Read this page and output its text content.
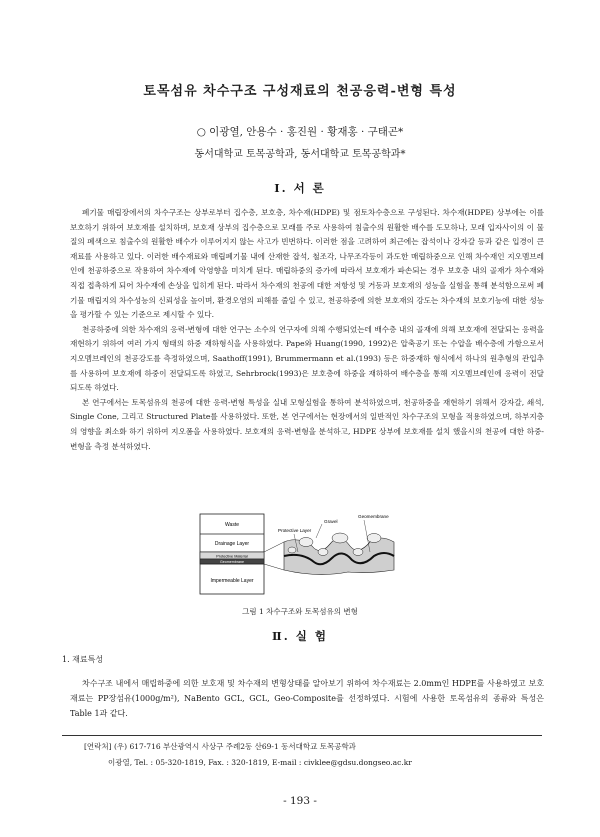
토목섬유 차수구조 구성재료의 천공응력-변형 특성
○ 이광열, 안용수 · 홍진원 · 황재홍 · 구태곤*
동서대학교 토목공학과, 동서대학교 토목공학과*
Ⅰ. 서 론

폐기물 매립장에서의 차수구조는 상부로부터 집수층, 보호층, 차수재(HDPE) 및 점토차수층으로 구성된다. 차수재(HDPE) 상부에는 이를 보호하기 위하여 보호재를 설치하며, 보호재 상부의 집수층으로 모래를 주로 사용하여 침출수의 원활한 배수를 도모하나, 모래 입자사이의 이 물질의 폐색으로 침출수의 원활한 배수가 이루어지지 않는 사고가 빈번하다. 이러한 점을 고려하여 최근에는 잡석이나 강자갈 등과 같은 입경이 큰 재료를 사용하고 있다. 이러한 배수재료와 매립폐기물 내에 산재한 잡석, 철조각, 나무조각등이 과도한 매립하중으로 인해 차수재인 지오멤브레인에 천공하중으로 작용하여 차수재에 악영향을 미치게 된다. 매립하중의 증가에 따라서 보호재가 파손되는 경우 보호층 내의 골재가 차수재와 직접 접촉하게 되어 차수재에 손상을 입히게 된다. 따라서 차수재의 천공에 대한 저항성 및 거동과 보호재의 성능을 실험을 통해 분석함으로써 폐기물 매립지의 차수성능의 신뢰성을 높이며, 환경오염의 피해를 줄일 수 있고, 천공하중에 의한 보호재의 강도는 차수재의 보호기능에 대한 성능을 평가할 수 있는 기준으로 제시할 수 있다.

천공하중에 의한 차수재의 응력-변형에 대한 연구는 소수의 연구자에 의해 수행되었는데 배수층 내의 골재에 의해 보호재에 전달되는 응력을 재현하기 위하여 여러 가지 형태의 하중 재하형식을 사용하였다. Pape와 Huang(1990, 1992)은 압축공기 또는 수압을 배수층에 가함으로서 지오멤브레인의 천공강도를 측정하였으며, Saathoff(1991), Brummermann et al.(1993) 등은 하중재하 형식에서 하나의 원추형의 관입추를 사용하여 보호재에 하중이 전달되도록 하였고, Sehrbrock(1993)은 보호층에 하중을 재하하여 배수층을 통해 지오멤브레인에 응력이 전달되도록 하였다.

본 연구에서는 토목섬유의 천공에 대한 응력-변형 특성을 실내 모형실험을 통하여 분석하였으며, 천공하중을 재현하기 위해서 강자갈, 쇄석, Single Cone, 그리고 Structured Plate를 사용하였다. 또한, 본 연구에서는 현장에서의 일반적인 차수구조의 모형을 적용하였으며, 하부지층의 영향을 최소화 하기 위하여 지오폼을 사용하였다. 보호재의 응력-변형을 분석하고, HDPE 상부에 보호재를 설치 했을시의 천공에 대한 하중-변형을 측정 분석하였다.

Waste
Drainage Layer
Protective Material
Geomembrane
Impermeable Layer
Gravel
Geomembrane
Protective Layer
그림 1 차수구조와 토목섬유의 변형
Ⅱ. 실 험
1. 재료특성

차수구조 내에서 매립하중에 의한 보호재 및 차수재의 변형상태를 알아보기 위하여 차수재료는 2.0mm인 HDPE를 사용하였고 보호재료는 PP장섬유(1000g/m²), NaBento GCL, GCL, Geo-Composite를 선정하였다. 시험에 사용한 토목섬유의 종류와 특성은 Table 1과 같다.

[연락처] (우) 617-716 부산광역시 사상구 주례2동 산69-1 동서대학교 토목공학과
이광열, Tel. : 05-320-1819, Fax. : 320-1819, E-mail : civklee@gdsu.dongseo.ac.kr
- 193 -
